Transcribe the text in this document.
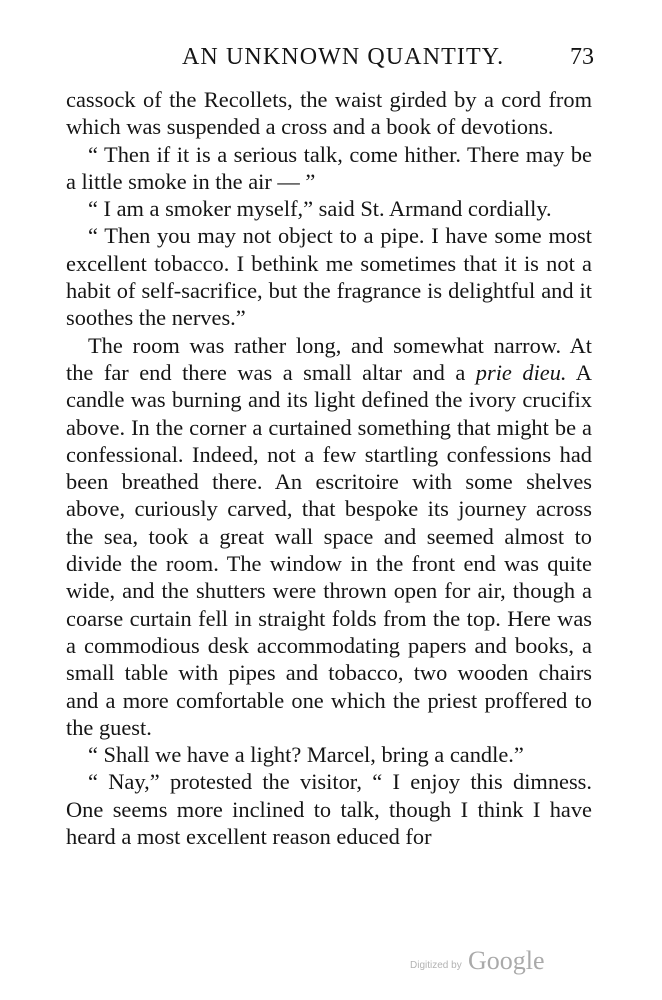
AN UNKNOWN QUANTITY.	73

cassock of the Recollets, the waist girded by a cord from which was suspended a cross and a book of devotions.

“ Then if it is a serious talk, come hither. There may be a little smoke in the air — ”

“ I am a smoker myself,” said St. Armand cordially.

“ Then you may not object to a pipe. I have some most excellent tobacco. I bethink me sometimes that it is not a habit of self-sacrifice, but the fragrance is delightful and it soothes the nerves.”

The room was rather long, and somewhat narrow. At the far end there was a small altar and a prie dieu. A candle was burning and its light defined the ivory crucifix above. In the corner a curtained something that might be a confessional. Indeed, not a few startling confessions had been breathed there. An escritoire with some shelves above, curiously carved, that bespoke its journey across the sea, took a great wall space and seemed almost to divide the room. The window in the front end was quite wide, and the shutters were thrown open for air, though a coarse curtain fell in straight folds from the top. Here was a commodious desk accommodating papers and books, a small table with pipes and tobacco, two wooden chairs and a more comfortable one which the priest proffered to the guest.

“ Shall we have a light? Marcel, bring a candle.”

“ Nay,” protested the visitor, “ I enjoy this dimness. One seems more inclined to talk, though I think I have heard a most excellent reason educed for

Digitized by Google
